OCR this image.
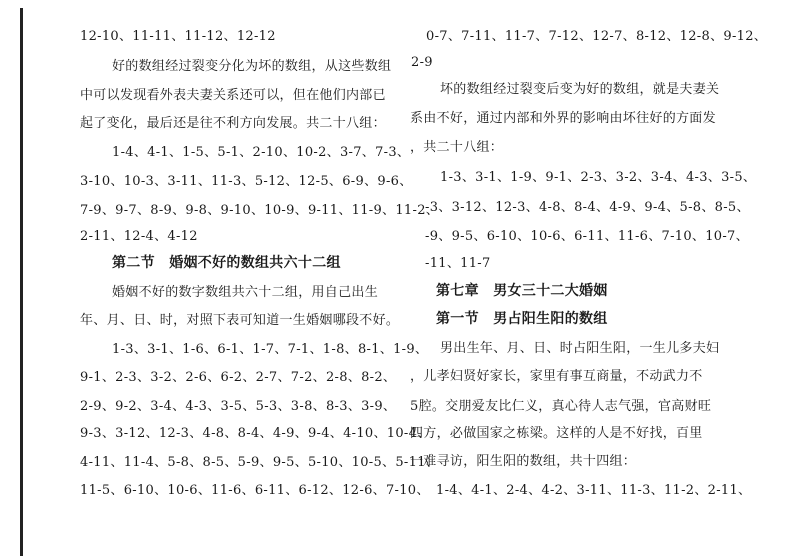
12-10、11-11、11-12、12-12
好的数组经过裂变分化为坏的数组，从这些数组
中可以发现看外表夫妻关系还可以，但在他们内部已
起了变化，最后还是往不利方向发展。共二十八组：
1-4、4-1、1-5、5-1、2-10、10-2、3-7、7-3、
3-10、10-3、3-11、11-3、5-12、12-5、6-9、9-6、
7-9、9-7、8-9、9-8、9-10、10-9、9-11、11-9、11-2、
2-11、12-4、4-12
第二节　婚姻不好的数组共六十二组
婚姻不好的数字数组共六十二组，用自己出生
年、月、日、时，对照下表可知道一生婚姻哪段不好。
1-3、3-1、1-6、6-1、1-7、7-1、1-8、8-1、1-9、
9-1、2-3、3-2、2-6、6-2、2-7、7-2、2-8、8-2、
2-9、9-2、3-4、4-3、3-5、5-3、3-8、8-3、3-9、
9-3、3-12、12-3、4-8、8-4、4-9、9-4、4-10、10-4、
4-11、11-4、5-8、8-5、5-9、9-5、5-10、10-5、5-11、
11-5、6-10、10-6、11-6、6-11、6-12、12-6、7-10、
0-7、7-11、11-7、7-12、12-7、8-12、12-8、9-12、
2-9
坏的数组经过裂变后变为好的数组，就是夫妻关
系由不好，通过内部和外界的影响由坏往好的方面发
，共二十八组：
1-3、3-1、1-9、9-1、2-3、3-2、3-4、4-3、3-5、
-3、3-12、12-3、4-8、8-4、4-9、9-4、5-8、8-5、
-9、9-5、6-10、10-6、6-11、11-6、7-10、10-7、
-11、11-7
第七章　男女三十二大婚姻
第一节　男占阳生阳的数组
男出生年、月、日、时占阳生阳，一生儿多夫妇
，儿孝妇贤好家长，家里有事互商量，不动武力不
5腔。交朋爱友比仁义，真心待人志气强，官高财旺
四方，必做国家之栋梁。这样的人是不好找，百里
一难寻访，阳生阳的数组，共十四组：
1-4、4-1、2-4、4-2、3-11、11-3、11-2、2-11、
